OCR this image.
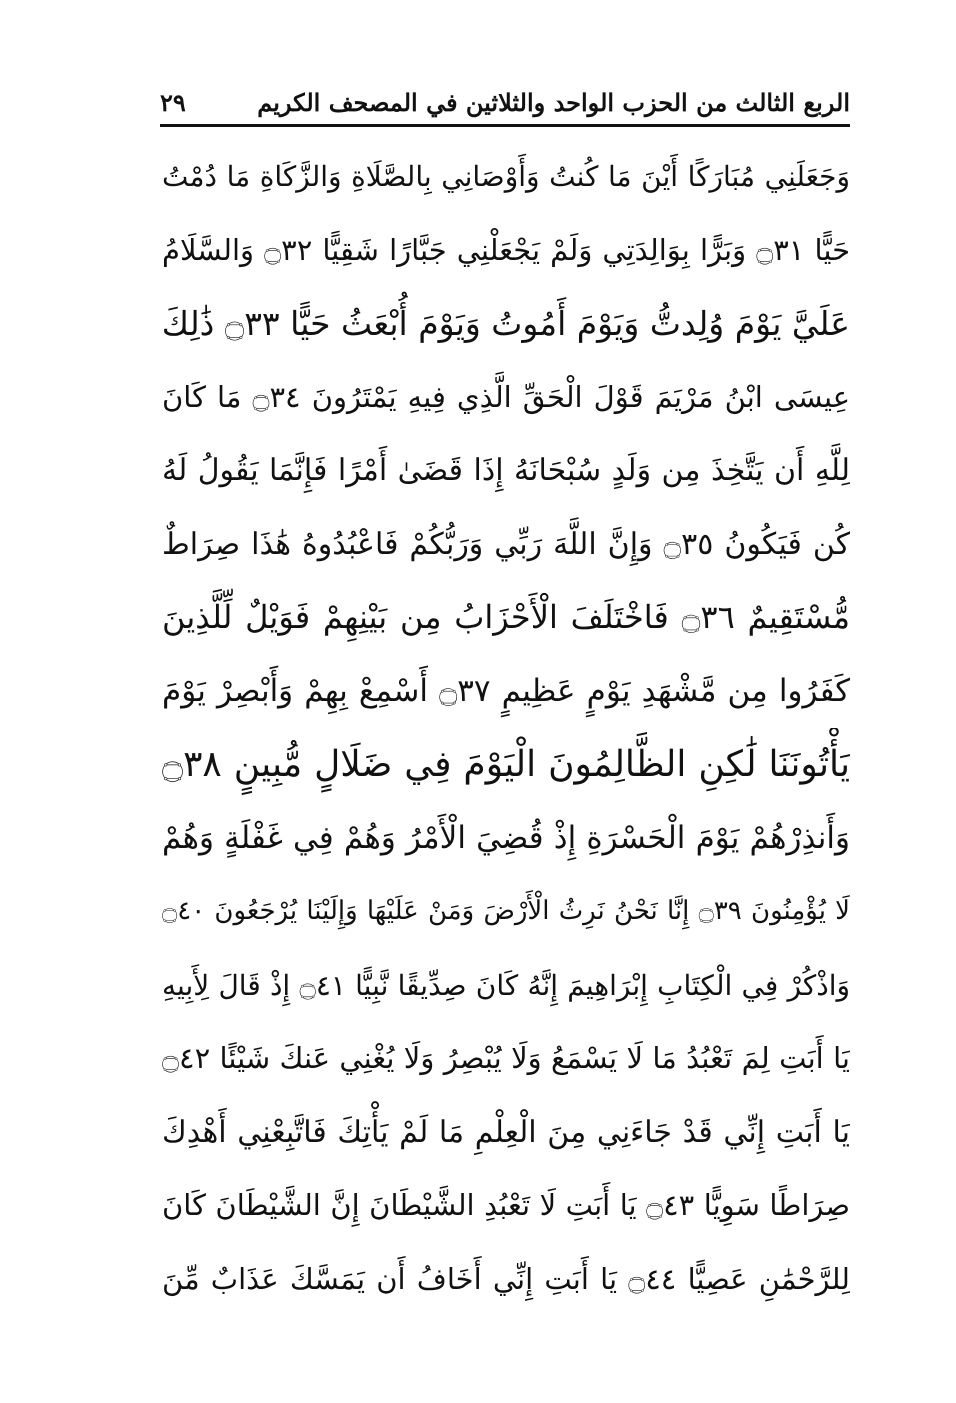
الربع الثالث من الحزب الواحد والثلاثين في المصحف الكريم
٢٩
وَجَعَلَنِي مُبَارَكًا أَيْنَ مَا كُنتُ وَأَوْصَانِي بِالصَّلَاةِ وَالزَّكَاةِ مَا دُمْتُ
حَيًّا ۝٣١ وَبَرًّا بِوَالِدَتِي وَلَمْ يَجْعَلْنِي جَبَّارًا شَقِيًّا ۝٣٢ وَالسَّلَامُ
عَلَيَّ يَوْمَ وُلِدتُّ وَيَوْمَ أَمُوتُ وَيَوْمَ أُبْعَثُ حَيًّا ۝٣٣ ذَٰلِكَ
عِيسَى ابْنُ مَرْيَمَ قَوْلَ الْحَقِّ الَّذِي فِيهِ يَمْتَرُونَ ۝٣٤ مَا كَانَ
لِلَّهِ أَن يَتَّخِذَ مِن وَلَدٍ سُبْحَانَهُ إِذَا قَضَىٰ أَمْرًا فَإِنَّمَا يَقُولُ لَهُ
كُن فَيَكُونُ ۝٣٥ وَإِنَّ اللَّهَ رَبِّي وَرَبُّكُمْ فَاعْبُدُوهُ هَٰذَا صِرَاطٌ
مُّسْتَقِيمٌ ۝٣٦ فَاخْتَلَفَ الْأَحْزَابُ مِن بَيْنِهِمْ فَوَيْلٌ لِّلَّذِينَ
كَفَرُوا مِن مَّشْهَدِ يَوْمٍ عَظِيمٍ ۝٣٧ أَسْمِعْ بِهِمْ وَأَبْصِرْ يَوْمَ
يَأْتُونَنَا لَٰكِنِ الظَّالِمُونَ الْيَوْمَ فِي ضَلَالٍ مُّبِينٍ ۝٣٨
وَأَنذِرْهُمْ يَوْمَ الْحَسْرَةِ إِذْ قُضِيَ الْأَمْرُ وَهُمْ فِي غَفْلَةٍ وَهُمْ
لَا يُؤْمِنُونَ ۝٣٩ إِنَّا نَحْنُ نَرِثُ الْأَرْضَ وَمَنْ عَلَيْهَا وَإِلَيْنَا يُرْجَعُونَ ۝٤٠
وَاذْكُرْ فِي الْكِتَابِ إِبْرَاهِيمَ إِنَّهُ كَانَ صِدِّيقًا نَّبِيًّا ۝٤١ إِذْ قَالَ لِأَبِيهِ
يَا أَبَتِ لِمَ تَعْبُدُ مَا لَا يَسْمَعُ وَلَا يُبْصِرُ وَلَا يُغْنِي عَنكَ شَيْئًا ۝٤٢
يَا أَبَتِ إِنِّي قَدْ جَاءَنِي مِنَ الْعِلْمِ مَا لَمْ يَأْتِكَ فَاتَّبِعْنِي أَهْدِكَ
صِرَاطًا سَوِيًّا ۝٤٣ يَا أَبَتِ لَا تَعْبُدِ الشَّيْطَانَ إِنَّ الشَّيْطَانَ كَانَ
لِلرَّحْمَٰنِ عَصِيًّا ۝٤٤ يَا أَبَتِ إِنِّي أَخَافُ أَن يَمَسَّكَ عَذَابٌ مِّنَ
